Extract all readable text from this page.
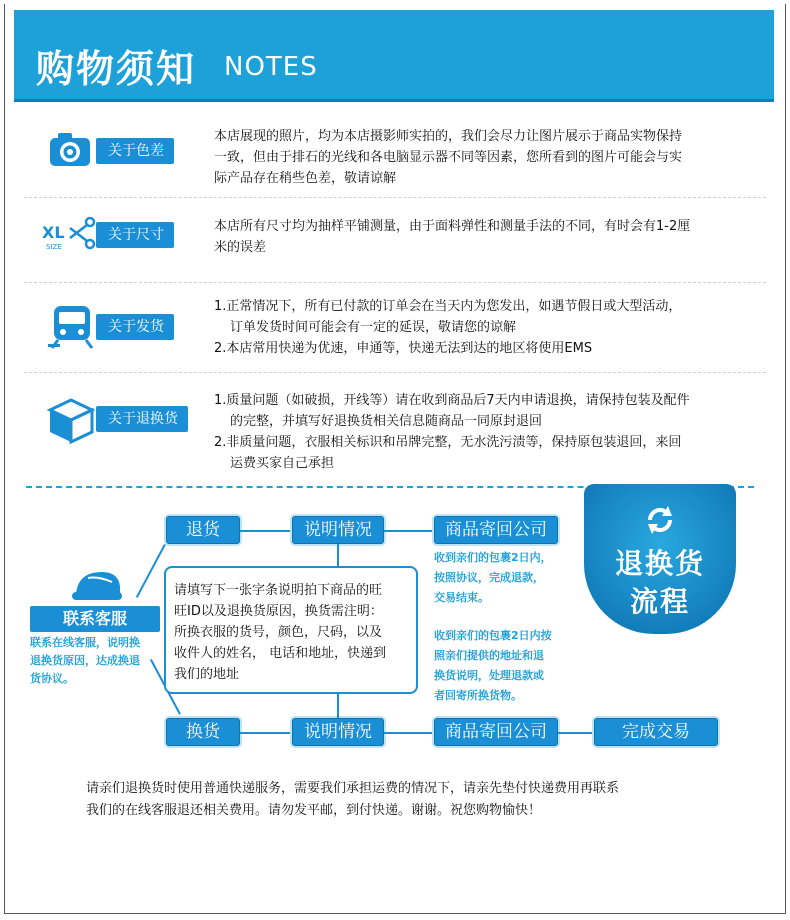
购物须知 NOTES
关于色差

本店展现的照片，均为本店摄影师实拍的，我们会尽力让图片展示于商品实物保持

一致，但由于排石的光线和各电脑显示器不同等因素，您所看到的图片可能会与实

际产品存在稍些色差，敬请谅解

XL
SIZE
关于尺寸

本店所有尺寸均为抽样平铺测量，由于面料弹性和测量手法的不同，有时会有1-2厘

米的误差

关于发货

1.正常情况下，所有已付款的订单会在当天内为您发出，如遇节假日或大型活动，

订单发货时间可能会有一定的延误，敬请您的谅解

2.本店常用快递为优速，申通等，快递无法到达的地区将使用EMS

关于退换货

1.质量问题（如破损，开线等）请在收到商品后7天内申请退换，请保持包装及配件

的完整，并填写好退换货相关信息随商品一同原封退回

2.非质量问题，衣服相关标识和吊牌完整，无水洗污渍等，保持原包装退回，来回

运费买家自己承担

联系客服
联系在线客服，说明换
退换货原因，达成换退
货协议。
退货	说明情况	商品寄回公司
换货	说明情况	商品寄回公司	完成交易
请填写下一张字条说明拍下商品的旺
旺ID以及退换货原因，换货需注明：
所换衣服的货号，颜色，尺码，以及
收件人的姓名， 电话和地址，快递到
我们的地址
收到亲们的包裹2日内，
按照协议，完成退款，
交易结束。
收到亲们的包裹2日内按
照亲们提供的地址和退
换货说明，处理退款或
者回寄所换货物。
退换货
流程
请亲们退换货时使用普通快递服务，需要我们承担运费的情况下，请亲先垫付快递费用再联系
我们的在线客服退还相关费用。请勿发平邮，到付快递。谢谢。祝您购物愉快！
